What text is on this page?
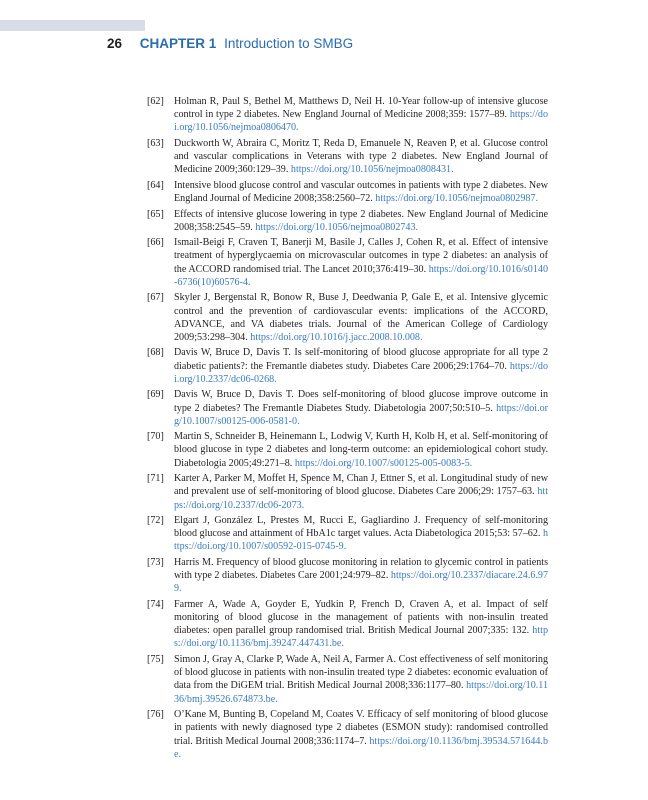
26 CHAPTER 1 Introduction to SMBG
[62] Holman R, Paul S, Bethel M, Matthews D, Neil H. 10-Year follow-up of intensive glucose control in type 2 diabetes. New England Journal of Medicine 2008;359: 1577–89. https://doi.org/10.1056/nejmoa0806470.
[63] Duckworth W, Abraira C, Moritz T, Reda D, Emanuele N, Reaven P, et al. Glucose control and vascular complications in Veterans with type 2 diabetes. New England Journal of Medicine 2009;360:129–39. https://doi.org/10.1056/nejmoa0808431.
[64] Intensive blood glucose control and vascular outcomes in patients with type 2 diabetes. New England Journal of Medicine 2008;358:2560–72. https://doi.org/10.1056/nejmoa0802987.
[65] Effects of intensive glucose lowering in type 2 diabetes. New England Journal of Medicine 2008;358:2545–59. https://doi.org/10.1056/nejmoa0802743.
[66] Ismail-Beigi F, Craven T, Banerji M, Basile J, Calles J, Cohen R, et al. Effect of intensive treatment of hyperglycaemia on microvascular outcomes in type 2 diabetes: an analysis of the ACCORD randomised trial. The Lancet 2010;376:419–30. https://doi.org/10.1016/s0140-6736(10)60576-4.
[67] Skyler J, Bergenstal R, Bonow R, Buse J, Deedwania P, Gale E, et al. Intensive glycemic control and the prevention of cardiovascular events: implications of the ACCORD, ADVANCE, and VA diabetes trials. Journal of the American College of Cardiology 2009;53:298–304. https://doi.org/10.1016/j.jacc.2008.10.008.
[68] Davis W, Bruce D, Davis T. Is self-monitoring of blood glucose appropriate for all type 2 diabetic patients?: the Fremantle diabetes study. Diabetes Care 2006;29:1764–70. https://doi.org/10.2337/dc06-0268.
[69] Davis W, Bruce D, Davis T. Does self-monitoring of blood glucose improve outcome in type 2 diabetes? The Fremantle Diabetes Study. Diabetologia 2007;50:510–5. https://doi.org/10.1007/s00125-006-0581-0.
[70] Martin S, Schneider B, Heinemann L, Lodwig V, Kurth H, Kolb H, et al. Self-monitoring of blood glucose in type 2 diabetes and long-term outcome: an epidemiological cohort study. Diabetologia 2005;49:271–8. https://doi.org/10.1007/s00125-005-0083-5.
[71] Karter A, Parker M, Moffet H, Spence M, Chan J, Ettner S, et al. Longitudinal study of new and prevalent use of self-monitoring of blood glucose. Diabetes Care 2006;29: 1757–63. https://doi.org/10.2337/dc06-2073.
[72] Elgart J, González L, Prestes M, Rucci E, Gagliardino J. Frequency of self-monitoring blood glucose and attainment of HbA1c target values. Acta Diabetologica 2015;53: 57–62. https://doi.org/10.1007/s00592-015-0745-9.
[73] Harris M. Frequency of blood glucose monitoring in relation to glycemic control in patients with type 2 diabetes. Diabetes Care 2001;24:979–82. https://doi.org/10.2337/diacare.24.6.979.
[74] Farmer A, Wade A, Goyder E, Yudkin P, French D, Craven A, et al. Impact of self monitoring of blood glucose in the management of patients with non-insulin treated diabetes: open parallel group randomised trial. British Medical Journal 2007;335: 132. https://doi.org/10.1136/bmj.39247.447431.be.
[75] Simon J, Gray A, Clarke P, Wade A, Neil A, Farmer A. Cost effectiveness of self monitoring of blood glucose in patients with non-insulin treated type 2 diabetes: economic evaluation of data from the DiGEM trial. British Medical Journal 2008;336:1177–80. https://doi.org/10.1136/bmj.39526.674873.be.
[76] O’Kane M, Bunting B, Copeland M, Coates V. Efficacy of self monitoring of blood glucose in patients with newly diagnosed type 2 diabetes (ESMON study): randomised controlled trial. British Medical Journal 2008;336:1174–7. https://doi.org/10.1136/bmj.39534.571644.be.
